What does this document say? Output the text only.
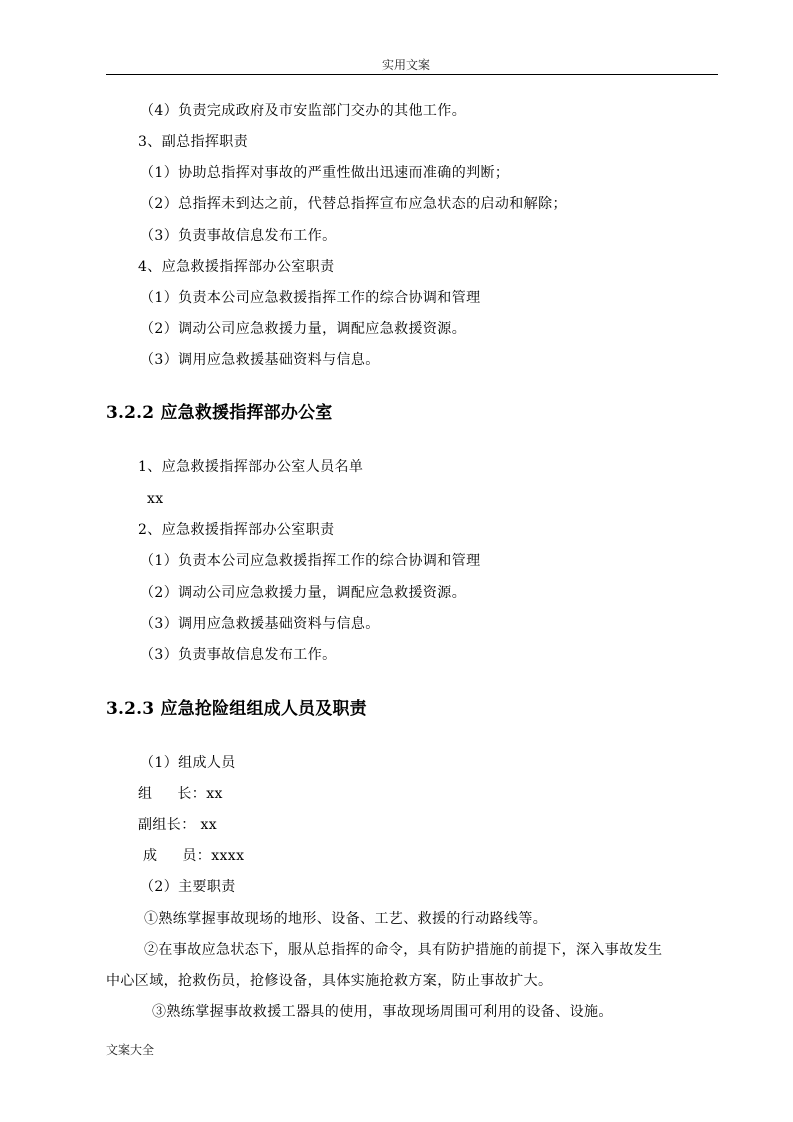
实用文案
（4）负责完成政府及市安监部门交办的其他工作。
3、副总指挥职责
（1）协助总指挥对事故的严重性做出迅速而准确的判断；
（2）总指挥未到达之前，代替总指挥宣布应急状态的启动和解除；
（3）负责事故信息发布工作。
4、应急救援指挥部办公室职责
（1）负责本公司应急救援指挥工作的综合协调和管理
（2）调动公司应急救援力量，调配应急救援资源。
（3）调用应急救援基础资料与信息。
3.2.2 应急救援指挥部办公室
1、应急救援指挥部办公室人员名单
xx
2、应急救援指挥部办公室职责
（1）负责本公司应急救援指挥工作的综合协调和管理
（2）调动公司应急救援力量，调配应急救援资源。
（3）调用应急救援基础资料与信息。
（3）负责事故信息发布工作。
3.2.3 应急抢险组组成人员及职责
（1）组成人员
组 长：xx
副组长： xx
成 员：xxxx
（2）主要职责
①熟练掌握事故现场的地形、设备、工艺、救援的行动路线等。
②在事故应急状态下，服从总指挥的命令，具有防护措施的前提下，深入事故发生
中心区域，抢救伤员，抢修设备，具体实施抢救方案，防止事故扩大。
③熟练掌握事故救援工器具的使用，事故现场周围可利用的设备、设施。
文案大全
